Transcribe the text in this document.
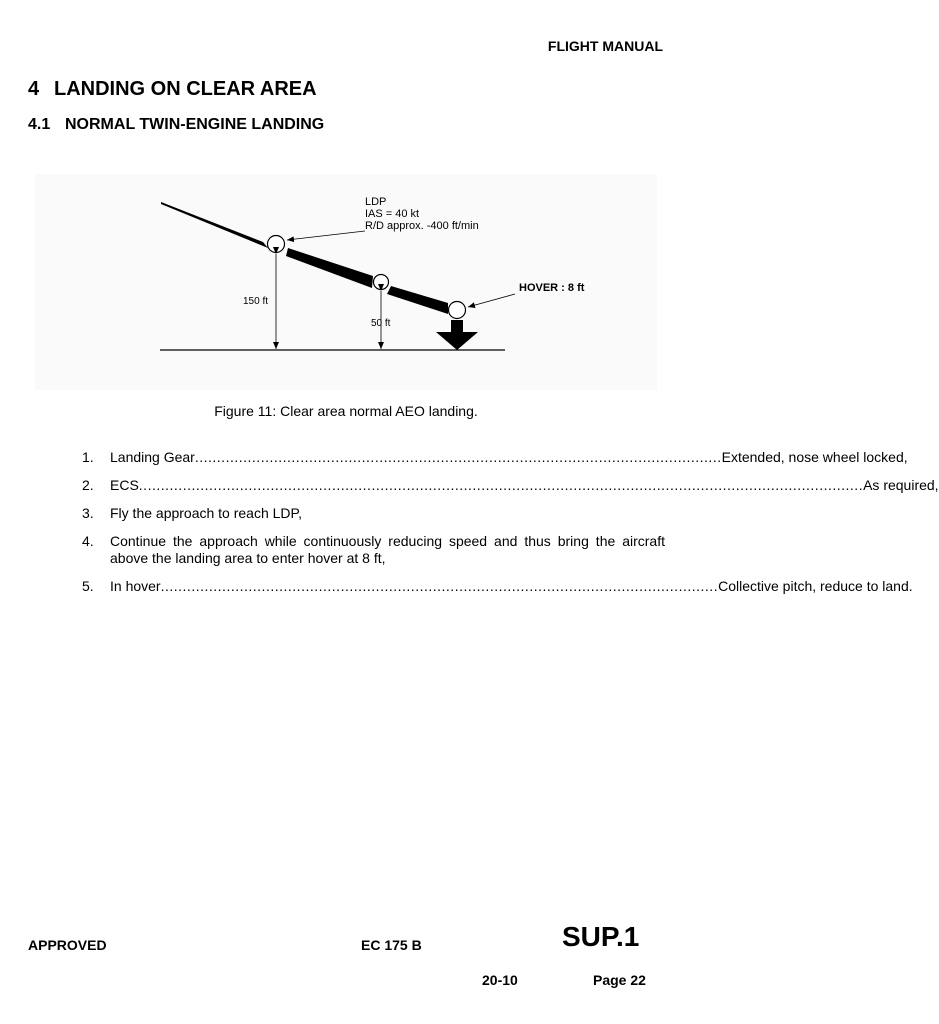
FLIGHT MANUAL
4 LANDING ON CLEAR AREA
4.1 NORMAL TWIN-ENGINE LANDING
LDP
IAS = 40 kt
R/D approx. -400 ft/min
HOVER : 8 ft
150 ft
50 ft
Figure 11: Clear area normal AEO landing.
1.	Landing Gear ........................................................................................................................ Extended, nose wheel locked,
2.	ECS ..................................................................................................................................................................... As required,
3.	Fly the approach to reach LDP,
4.	Continue the approach while continuously reducing speed and thus bring the aircraft above the landing area to enter hover at 8 ft,
5.	In hover ............................................................................................................................... Collective pitch, reduce to land.
APPROVED	EC 175 B	SUP.1
20-10	Page 22
